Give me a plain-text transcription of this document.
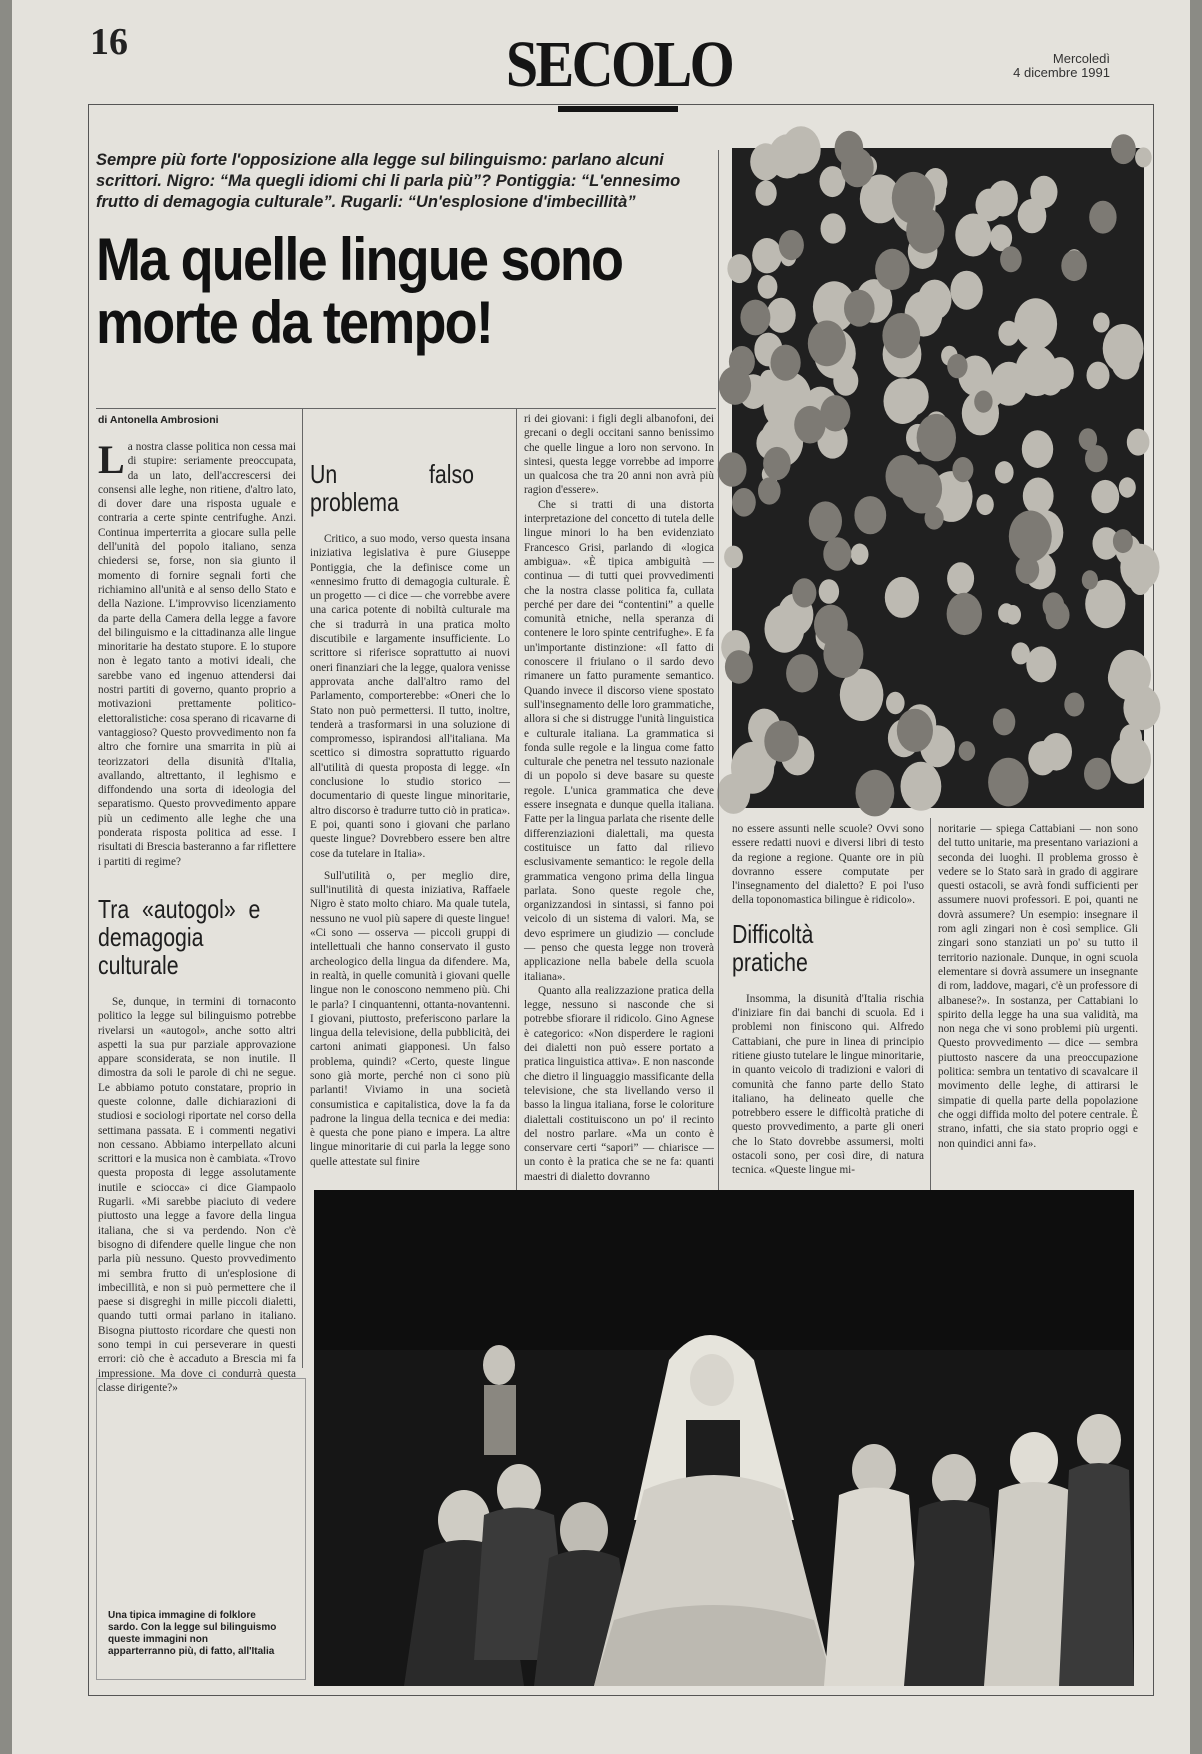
16	SECOLO	Mercoledì
4 dicembre 1991
Sempre più forte l'opposizione alla legge sul bilinguismo: parlano alcuni scrittori. Nigro: “Ma quegli idiomi chi li parla più”? Pontiggia: “L'ennesimo frutto di demagogia culturale”. Rugarli: “Un'esplosione d'imbecillità”
Ma quelle lingue sono morte da tempo!
di Antonella Ambrosioni

La nostra classe politica non cessa mai di stupire: seriamente preoccupata, da un lato, dell'accrescersi dei consensi alle leghe, non ritiene, d'altro lato, di dover dare una risposta uguale e contraria a certe spinte centrifughe. Anzi. Continua imperterrita a giocare sulla pelle dell'unità del popolo italiano, senza chiedersi se, forse, non sia giunto il momento di fornire segnali forti che richiamino all'unità e al senso dello Stato e della Nazione. L'improvviso licenziamento da parte della Camera della legge a favore del bilinguismo e la cittadinanza alle lingue minoritarie ha destato stupore. E lo stupore non è legato tanto a motivi ideali, che sarebbe vano ed ingenuo attendersi dai nostri partiti di governo, quanto proprio a motivazioni prettamente politico-elettoralistiche: cosa sperano di ricavarne di vantaggioso? Questo provvedimento non fa altro che fornire una smarrita in più ai teorizzatori della disunità d'Italia, avallando, altrettanto, il leghismo e diffondendo una sorta di ideologia del separatismo. Questo provvedimento appare più un cedimento alle leghe che una ponderata risposta politica ad esse. I risultati di Brescia basteranno a far riflettere i partiti di regime?

Tra «autogol» e demagogia culturale

Se, dunque, in termini di tornaconto politico la legge sul bilinguismo potrebbe rivelarsi un «autogol», anche sotto altri aspetti la sua pur parziale approvazione appare sconsiderata, se non inutile. Il dimostra da soli le parole di chi ne segue. Le abbiamo potuto constatare, proprio in queste colonne, dalle dichiarazioni di studiosi e sociologi riportate nel corso della settimana passata. E i commenti negativi non cessano. Abbiamo interpellato alcuni scrittori e la musica non è cambiata. «Trovo questa proposta di legge assolutamente inutile e sciocca» ci dice Giampaolo Rugarli. «Mi sarebbe piaciuto di vedere piuttosto una legge a favore della lingua italiana, che si va perdendo. Non c'è bisogno di difendere quelle lingue che non parla più nessuno. Questo provvedimento mi sembra frutto di un'esplosione di imbecillità, e non si può permettere che il paese si disgreghi in mille piccoli dialetti, quando tutti ormai parlano in italiano. Bisogna piuttosto ricordare che questi non sono tempi in cui perseverare in questi errori: ciò che è accaduto a Brescia mi fa impressione. Ma dove ci condurrà questa classe dirigente?»

Un falso problema

Critico, a suo modo, verso questa insana iniziativa legislativa è pure Giuseppe Pontiggia, che la definisce come un «ennesimo frutto di demagogia culturale. È un progetto — ci dice — che vorrebbe avere una carica potente di nobiltà culturale ma che si tradurrà in una pratica molto discutibile e largamente insufficiente. Lo scrittore si riferisce soprattutto ai nuovi oneri finanziari che la legge, qualora venisse approvata anche dall'altro ramo del Parlamento, comporterebbe: «Oneri che lo Stato non può permettersi. Il tutto, inoltre, tenderà a trasformarsi in una soluzione di compromesso, ispirandosi all'italiana. Ma scettico si dimostra soprattutto riguardo all'utilità di questa proposta di legge. «In conclusione lo studio storico — documentario di queste lingue minoritarie, altro discorso è tradurre tutto ciò in pratica». E poi, quanti sono i giovani che parlano queste lingue? Dovrebbero essere ben altre cose da tutelare in Italia».

Sull'utilità o, per meglio dire, sull'inutilità di questa iniziativa, Raffaele Nigro è stato molto chiaro. Ma quale tutela, nessuno ne vuol più sapere di queste lingue! «Ci sono — osserva — piccoli gruppi di intellettuali che hanno conservato il gusto archeologico della lingua da difendere. Ma, in realtà, in quelle comunità i giovani quelle lingue non le conoscono nemmeno più. Chi le parla? I cinquantenni, ottanta-novantenni. I giovani, piuttosto, preferiscono parlare la lingua della televisione, della pubblicità, dei cartoni animati giapponesi. Un falso problema, quindi? «Certo, queste lingue sono già morte, perché non ci sono più parlanti! Viviamo in una società consumistica e capitalistica, dove la fa da padrone la lingua della tecnica e dei media: è questa che pone piano e impera. La altre lingue minoritarie di cui parla la legge sono quelle attestate sul finire

ri dei giovani: i figli degli albanofoni, dei grecani o degli occitani sanno benissimo che quelle lingue a loro non servono. In sintesi, questa legge vorrebbe ad imporre un qualcosa che tra 20 anni non avrà più ragion d'essere».

Che si tratti di una distorta interpretazione del concetto di tutela delle lingue minori lo ha ben evidenziato Francesco Grisi, parlando di «logica ambigua». «È tipica ambiguità — continua — di tutti quei provvedimenti che la nostra classe politica fa, cullata perché per dare dei “contentini” a quelle comunità etniche, nella speranza di contenere le loro spinte centrifughe». E fa un'importante distinzione: «Il fatto di conoscere il friulano o il sardo devo rimanere un fatto puramente semantico. Quando invece il discorso viene spostato sull'insegnamento delle loro grammatiche, allora si che si distrugge l'unità linguistica e culturale italiana. La grammatica si fonda sulle regole e la lingua come fatto culturale che penetra nel tessuto nazionale di un popolo si deve basare su queste regole. L'unica grammatica che deve essere insegnata e dunque quella italiana. Fatte per la lingua parlata che risente delle differenziazioni dialettali, ma questa costituisce un fatto dal rilievo esclusivamente semantico: le regole della grammatica vengono prima della lingua parlata. Sono queste regole che, organizzandosi in sintassi, si fanno poi veicolo di un sistema di valori. Ma, se devo esprimere un giudizio — conclude — penso che questa legge non troverà applicazione nella babele della scuola italiana».

Quanto alla realizzazione pratica della legge, nessuno si nasconde che si potrebbe sfiorare il ridicolo. Gino Agnese è categorico: «Non disperdere le ragioni dei dialetti non può essere portato a pratica linguistica attiva». E non nasconde che dietro il linguaggio massificante della televisione, che sta livellando verso il basso la lingua italiana, forse le coloriture dialettali costituiscono un po' il recinto del nostro parlare. «Ma un conto è conservare certi “sapori” — chiarisce — un conto è la pratica che se ne fa: quanti maestri di dialetto dovranno

no essere assunti nelle scuole? Ovvi sono essere redatti nuovi e diversi libri di testo da regione a regione. Quante ore in più dovranno essere computate per l'insegnamento del dialetto? E poi l'uso della toponomastica bilingue è ridicolo».

Difficoltà pratiche

Insomma, la disunità d'Italia rischia d'iniziare fin dai banchi di scuola. Ed i problemi non finiscono qui. Alfredo Cattabiani, che pure in linea di principio ritiene giusto tutelare le lingue minoritarie, in quanto veicolo di tradizioni e valori di comunità che fanno parte dello Stato italiano, ha delineato quelle che potrebbero essere le difficoltà pratiche di questo provvedimento, a parte gli oneri che lo Stato dovrebbe assumersi, molti ostacoli sono, per così dire, di natura tecnica. «Queste lingue mi-

noritarie — spiega Cattabiani — non sono del tutto unitarie, ma presentano variazioni a seconda dei luoghi. Il problema grosso è vedere se lo Stato sarà in grado di aggirare questi ostacoli, se avrà fondi sufficienti per assumere nuovi professori. E poi, quanti ne dovrà assumere? Un esempio: insegnare il rom agli zingari non è così semplice. Gli zingari sono stanziati un po' su tutto il territorio nazionale. Dunque, in ogni scuola elementare si dovrà assumere un insegnante di rom, laddove, magari, c'è un professore di albanese?». In sostanza, per Cattabiani lo spirito della legge ha una sua validità, ma non nega che vi sono problemi più urgenti. Questo provvedimento — dice — sembra piuttosto nascere da una preoccupazione politica: sembra un tentativo di scavalcare il movimento delle leghe, di attirarsi le simpatie di quella parte della popolazione che oggi diffida molto del potere centrale. È strano, infatti, che sia stato proprio oggi e non quindici anni fa».

Una tipica immagine di folklore sardo. Con la legge sul bilinguismo queste immagini non apparterranno più, di fatto, all'Italia
